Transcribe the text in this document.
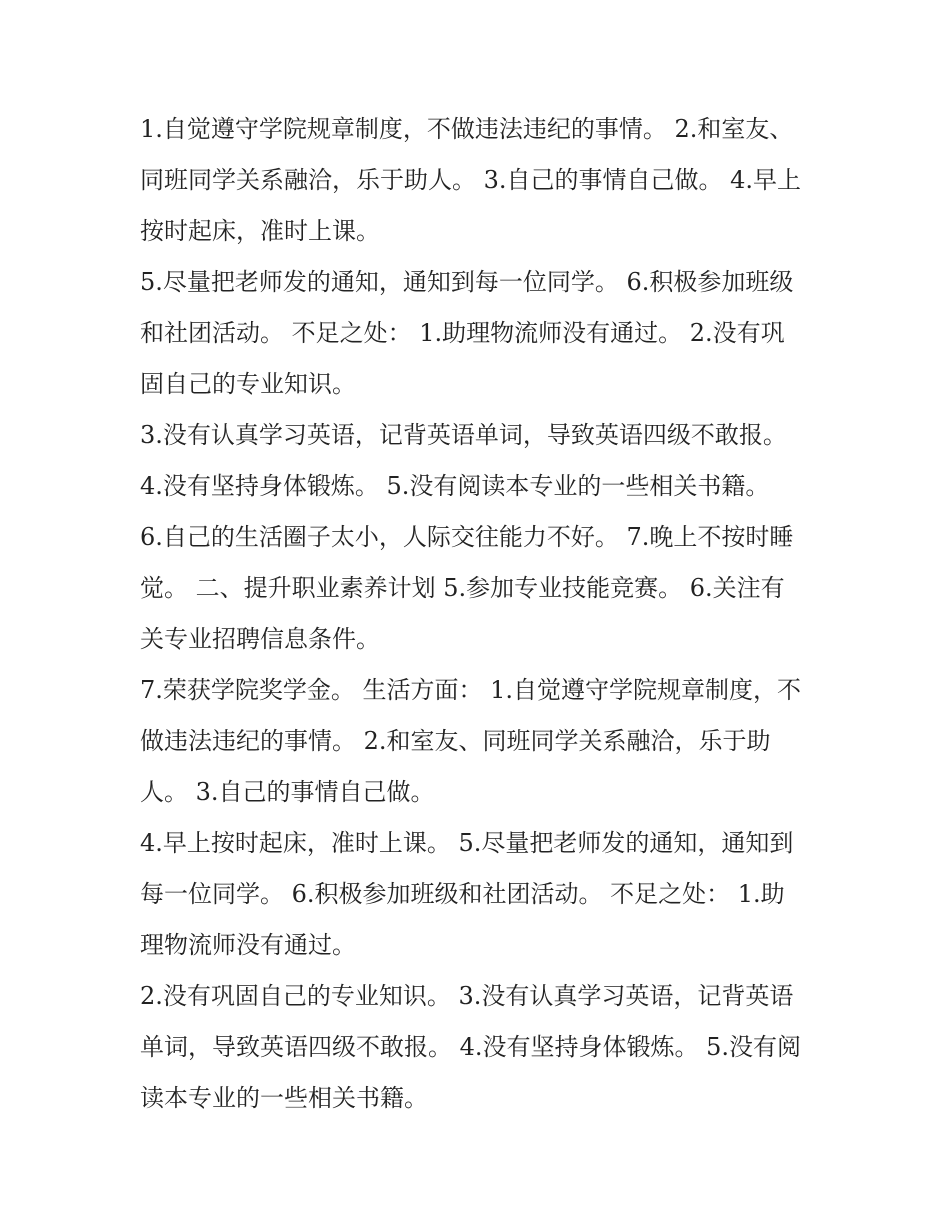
1.自觉遵守学院规章制度，不做违法违纪的事情。 2.和室友、
同班同学关系融洽，乐于助人。 3.自己的事情自己做。 4.早上
按时起床，准时上课。
5.尽量把老师发的通知，通知到每一位同学。 6.积极参加班级
和社团活动。 不足之处： 1.助理物流师没有通过。 2.没有巩
固自己的专业知识。
3.没有认真学习英语，记背英语单词，导致英语四级不敢报。
4.没有坚持身体锻炼。 5.没有阅读本专业的一些相关书籍。
6.自己的生活圈子太小，人际交往能力不好。 7.晚上不按时睡
觉。 二、提升职业素养计划 5.参加专业技能竞赛。 6.关注有
关专业招聘信息条件。
7.荣获学院奖学金。 生活方面： 1.自觉遵守学院规章制度，不
做违法违纪的事情。 2.和室友、同班同学关系融洽，乐于助
人。 3.自己的事情自己做。
4.早上按时起床，准时上课。 5.尽量把老师发的通知，通知到
每一位同学。 6.积极参加班级和社团活动。 不足之处： 1.助
理物流师没有通过。
2.没有巩固自己的专业知识。 3.没有认真学习英语，记背英语
单词，导致英语四级不敢报。 4.没有坚持身体锻炼。 5.没有阅
读本专业的一些相关书籍。
